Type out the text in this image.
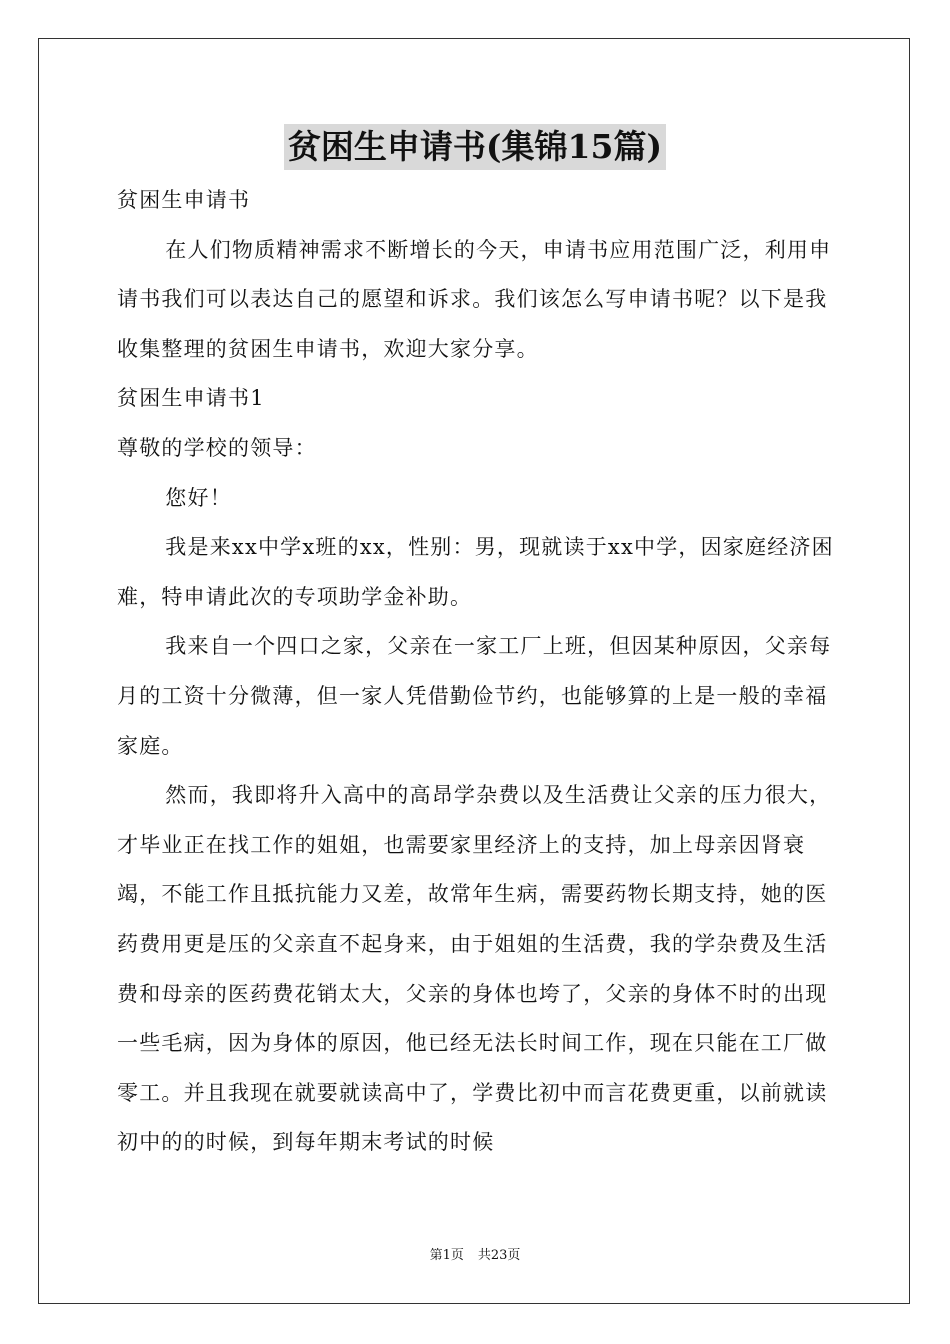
贫困生申请书(集锦15篇)

贫困生申请书

在人们物质精神需求不断增长的今天，申请书应用范围广泛，利用申请书我们可以表达自己的愿望和诉求。我们该怎么写申请书呢？以下是我收集整理的贫困生申请书，欢迎大家分享。

贫困生申请书1

尊敬的学校的领导：

您好！

我是来xx中学x班的xx，性别：男，现就读于xx中学，因家庭经济困难，特申请此次的专项助学金补助。

我来自一个四口之家，父亲在一家工厂上班，但因某种原因，父亲每月的工资十分微薄，但一家人凭借勤俭节约，也能够算的上是一般的幸福家庭。

然而，我即将升入高中的高昂学杂费以及生活费让父亲的压力很大，才毕业正在找工作的姐姐，也需要家里经济上的支持，加上母亲因肾衰竭，不能工作且抵抗能力又差，故常年生病，需要药物长期支持，她的医药费用更是压的父亲直不起身来，由于姐姐的生活费，我的学杂费及生活费和母亲的医药费花销太大，父亲的身体也垮了，父亲的身体不时的出现一些毛病，因为身体的原因，他已经无法长时间工作，现在只能在工厂做零工。并且我现在就要就读高中了，学费比初中而言花费更重，以前就读初中的的时候，到每年期末考试的时候

第1页 共23页
